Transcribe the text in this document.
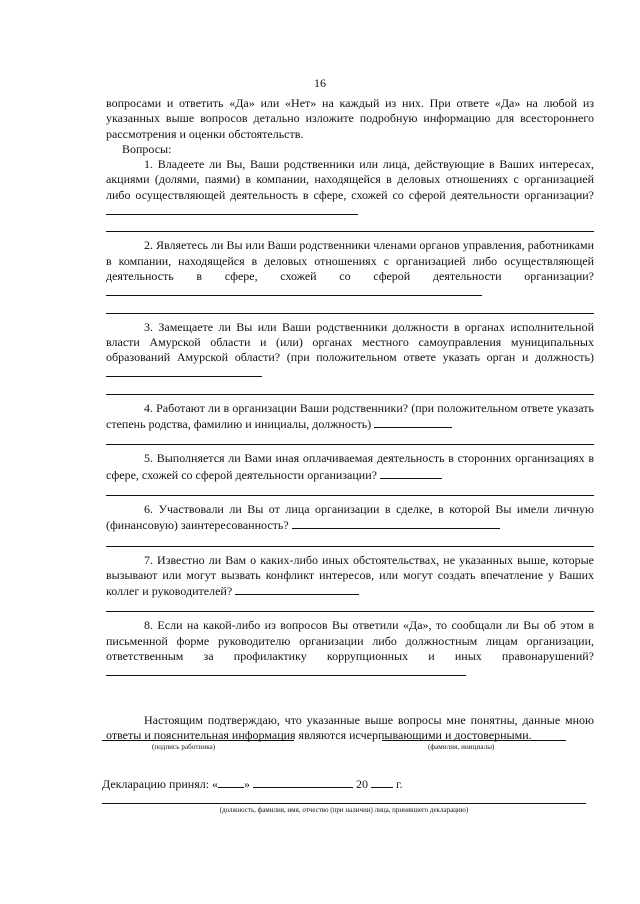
16

вопросами и ответить «Да» или «Нет» на каждый из них. При ответе «Да» на любой из указанных выше вопросов детально изложите подробную информацию для всестороннего рассмотрения и оценки обстоятельств.

Вопросы:

1. Владеете ли Вы, Ваши родственники или лица, действующие в Ваших интересах, акциями (долями, паями) в компании, находящейся в деловых отношениях с организацией либо осуществляющей деятельность в сфере, схожей со сферой деятельности организации?

2. Являетесь ли Вы или Ваши родственники членами органов управления, работниками в компании, находящейся в деловых отношениях с организацией либо осуществляющей деятельность в сфере, схожей со сферой деятельности организации?

3. Замещаете ли Вы или Ваши родственники должности в органах исполнительной власти Амурской области и (или) органах местного самоуправления муниципальных образований Амурской области? (при положительном ответе указать орган и должность)

4. Работают ли в организации Ваши родственники? (при положительном ответе указать степень родства, фамилию и инициалы, должность)

5. Выполняется ли Вами иная оплачиваемая деятельность в сторонних организациях в сфере, схожей со сферой деятельности организации?

6. Участвовали ли Вы от лица организации в сделке, в которой Вы имели личную (финансовую) заинтересованность?

7. Известно ли Вам о каких-либо иных обстоятельствах, не указанных выше, которые вызывают или могут вызвать конфликт интересов, или могут создать впечатление у Ваших коллег и руководителей?

8. Если на какой-либо из вопросов Вы ответили «Да», то сообщали ли Вы об этом в письменной форме руководителю организации либо должностным лицам организации, ответственным за профилактику коррупционных и иных правонарушений?

Настоящим подтверждаю, что указанные выше вопросы мне понятны, данные мною ответы и пояснительная информация являются исчерпывающими и достоверными.

(подпись работника)	(фамилия, инициалы)
Декларацию принял: « »	20 г.
(должность, фамилия, имя, отчество (при наличии) лица, принявшего декларацию)
